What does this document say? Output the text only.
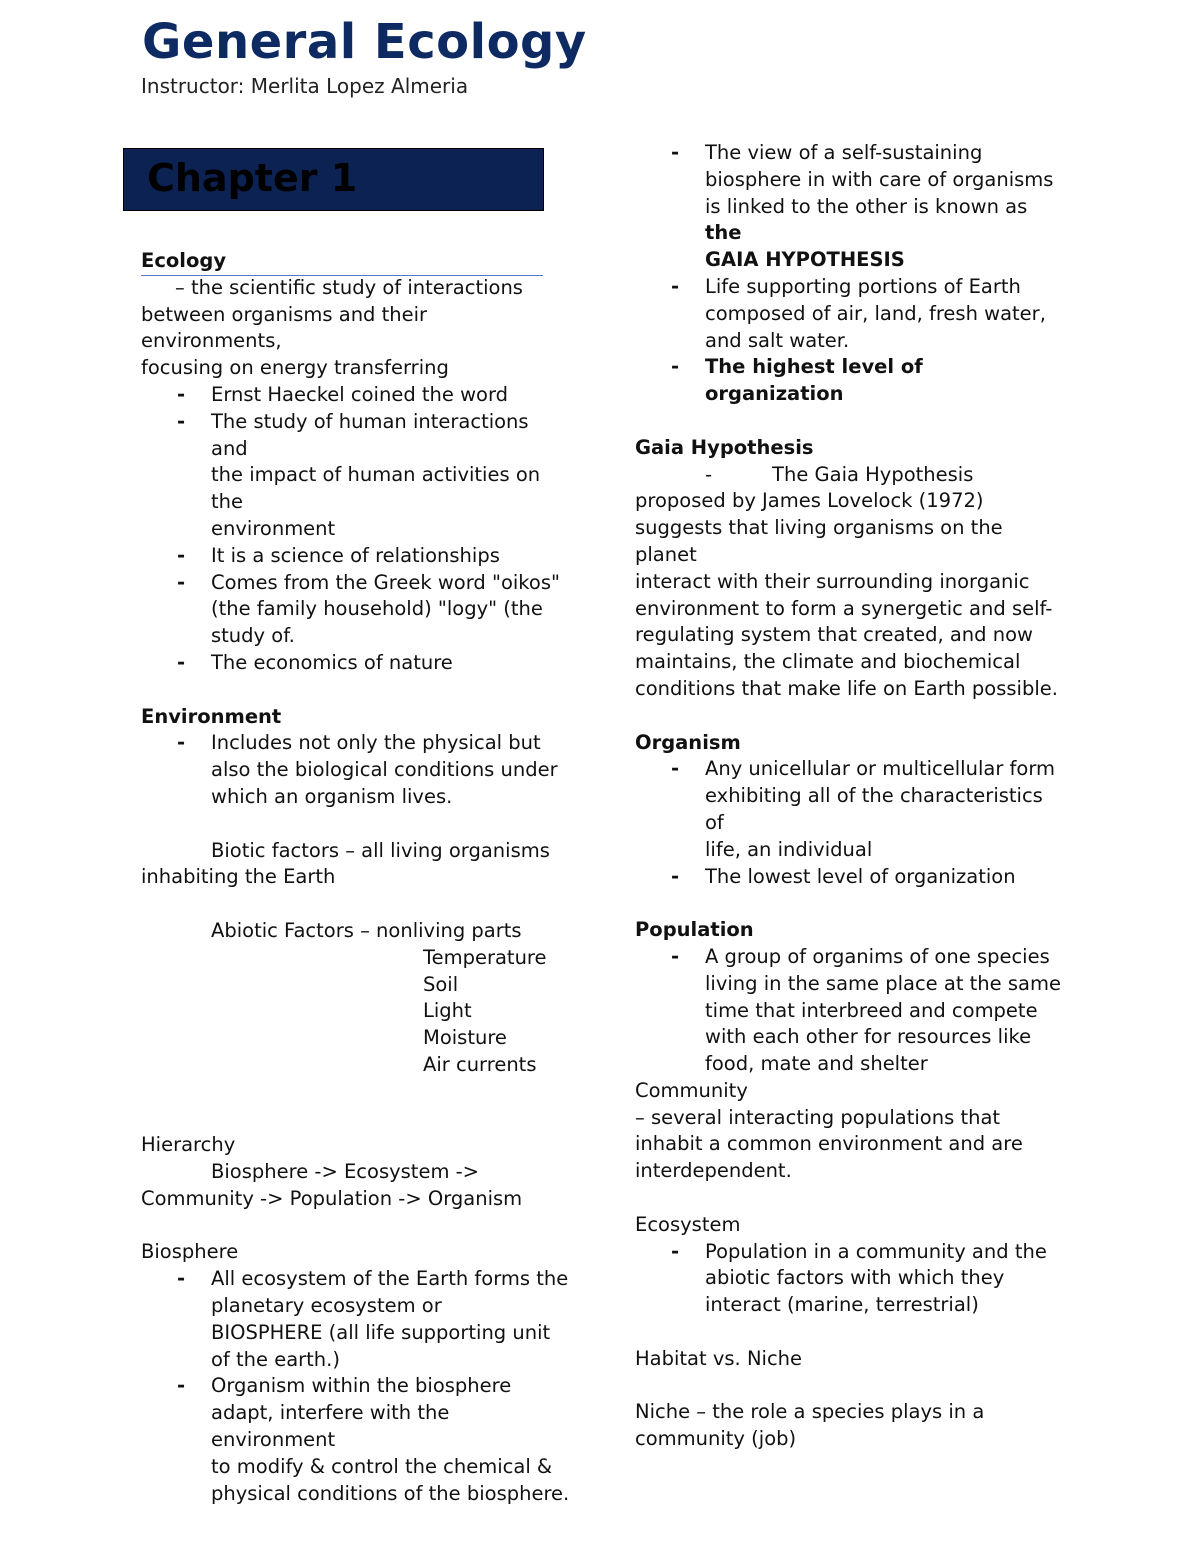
General Ecology
Instructor: Merlita Lopez Almeria
Chapter 1

Ecology

– the scientific study of interactions

between organisms and their environments,

focusing on energy transferring

- Ernst Haeckel coined the word
- The study of human interactions and
the impact of human activities on the
environment
- It is a science of relationships
- Comes from the Greek word "oikos"
(the family household) "logy" (the
study of.
- The economics of nature

Environment

- Includes not only the physical but
also the biological conditions under
which an organism lives.

Biotic factors – all living organisms

inhabiting the Earth

Abiotic Factors – nonliving parts

Temperature

Soil

Light

Moisture

Air currents

Hierarchy

Biosphere -> Ecosystem ->

Community -> Population -> Organism

Biosphere

- All ecosystem of the Earth forms the
planetary ecosystem or
BIOSPHERE (all life supporting unit
of the earth.)
- Organism within the biosphere
adapt, interfere with the environment
to modify & control the chemical &
physical conditions of the biosphere.
- The view of a self-sustaining
biosphere in with care of organisms
is linked to the other is known as the
GAIA HYPOTHESIS
- Life supporting portions of Earth
composed of air, land, fresh water,
and salt water.
- The highest level of organization

Gaia Hypothesis

-	The Gaia Hypothesis

proposed by James Lovelock (1972)

suggests that living organisms on the planet

interact with their surrounding inorganic

environment to form a synergetic and self-

regulating system that created, and now

maintains, the climate and biochemical

conditions that make life on Earth possible.

Organism

- Any unicellular or multicellular form
exhibiting all of the characteristics of
life, an individual
- The lowest level of organization

Population

- A group of organims of one species
living in the same place at the same
time that interbreed and compete
with each other for resources like
food, mate and shelter

Community

– several interacting populations that

inhabit a common environment and are

interdependent.

Ecosystem

- Population in a community and the
abiotic factors with which they
interact (marine, terrestrial)

Habitat vs. Niche

Niche – the role a species plays in a

community (job)
